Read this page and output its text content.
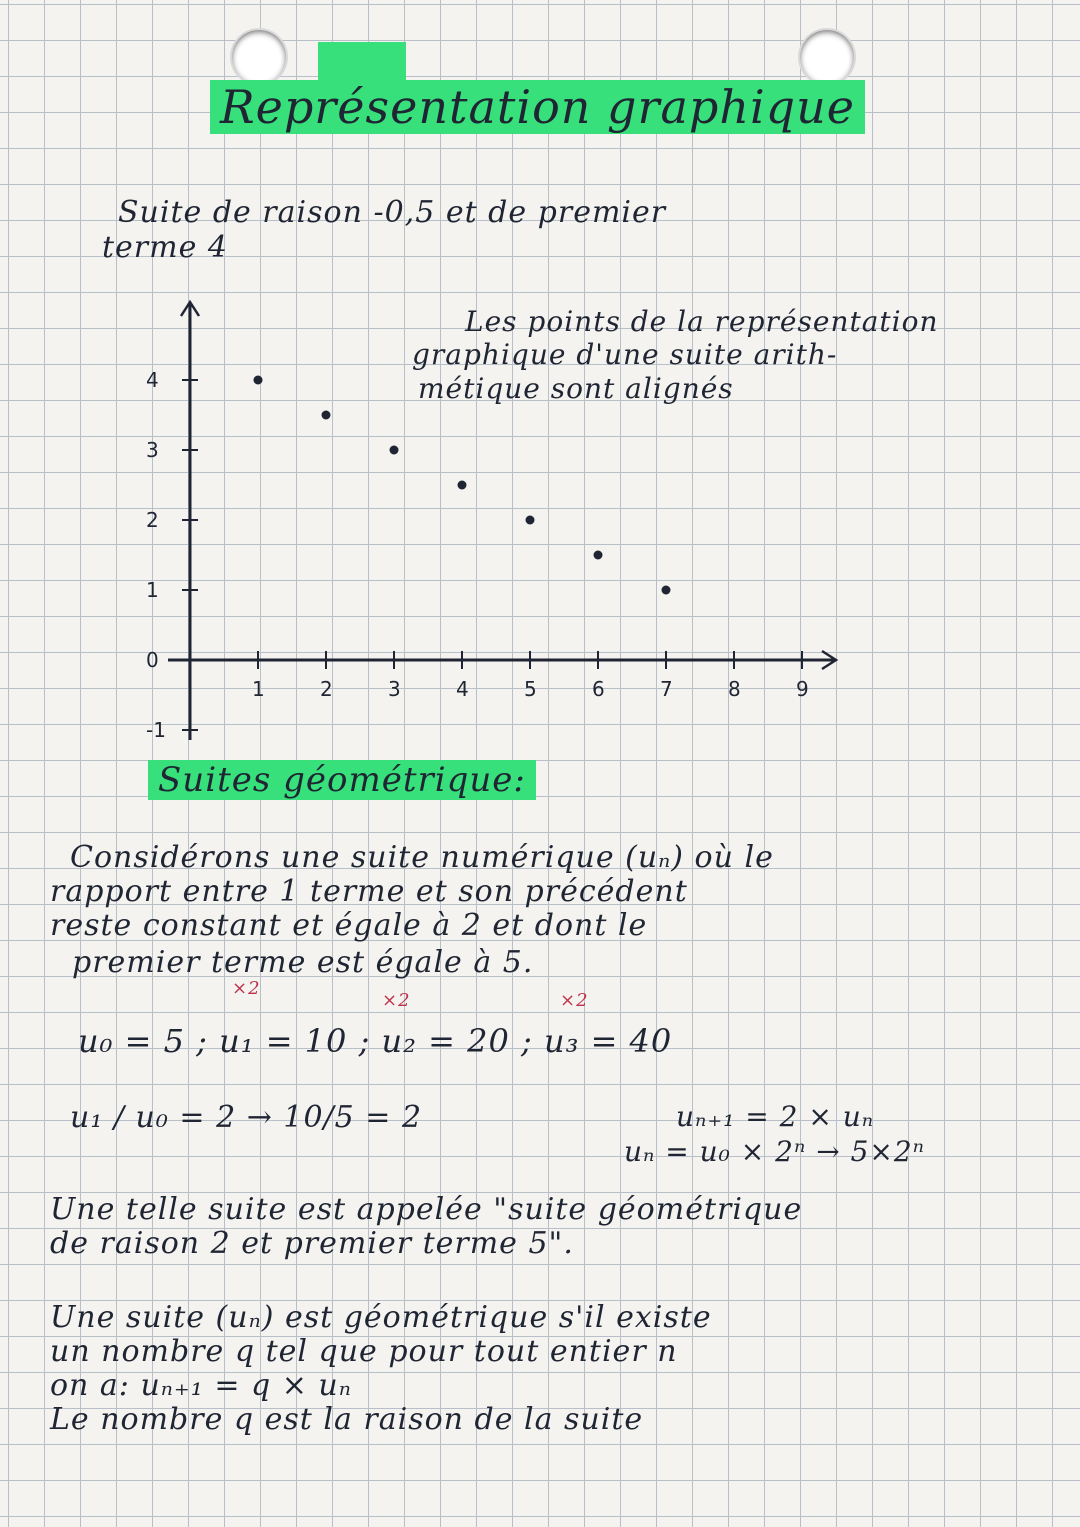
Représentation graphique
Suite de raison -0,5 et de premier
terme 4
Les points de la représentation
graphique d'une suite arith-
métique sont alignés
1	2	3	4	5	6	7	8	9
4
3
2
1
0
-1
Suites géométrique:
Considérons une suite numérique (uₙ) où le
rapport entre 1 terme et son précédent
reste constant et égale à 2 et dont le
premier terme est égale à 5.
×2
×2	×2
u₀ = 5 ; u₁ = 10 ; u₂ = 20 ; u₃ = 40
u₁ / u₀ = 2 → 10/5 = 2	uₙ₊₁ = 2 × uₙ
uₙ = u₀ × 2ⁿ → 5×2ⁿ
Une telle suite est appelée "suite géométrique
de raison 2 et premier terme 5".
Une suite (uₙ) est géométrique s'il existe
un nombre q tel que pour tout entier n
on a: uₙ₊₁ = q × uₙ
Le nombre q est la raison de la suite
